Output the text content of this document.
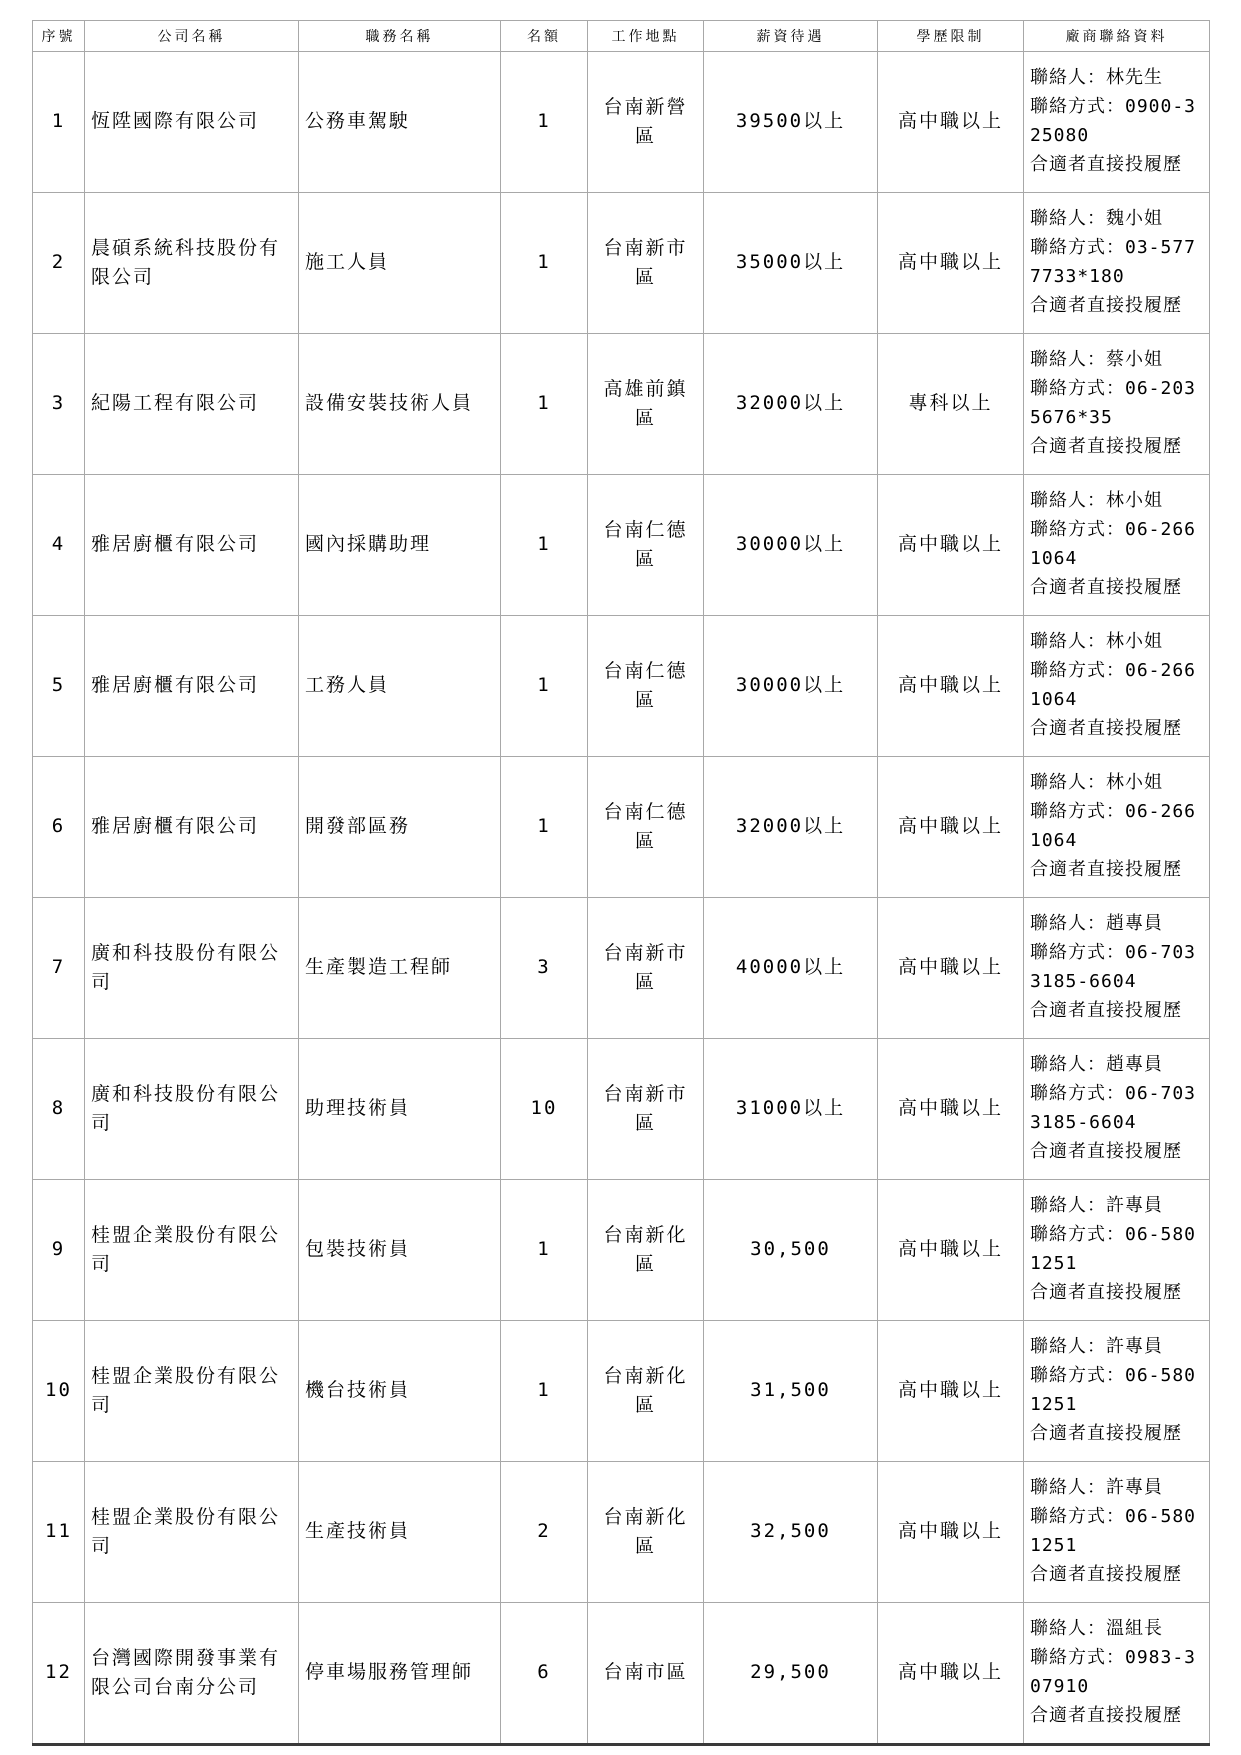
序號	公司名稱	職務名稱	名額	工作地點	薪資待遇	學歷限制	廠商聯絡資料
1	恆陞國際有限公司	公務車駕駛	1	台南新營區	39500以上	高中職以上	聯絡人：林先生
聯絡方式：0900-325080
合適者直接投履歷

2	晨碩系統科技股份有限公司	施工人員	1	台南新市區	35000以上	高中職以上	聯絡人：魏小姐
聯絡方式：03-5777733*180
合適者直接投履歷

3	紀陽工程有限公司	設備安裝技術人員	1	高雄前鎮區	32000以上	專科以上	聯絡人：蔡小姐
聯絡方式：06-2035676*35
合適者直接投履歷

4	雅居廚櫃有限公司	國內採購助理	1	台南仁德區	30000以上	高中職以上	聯絡人：林小姐
聯絡方式：06-2661064
合適者直接投履歷

5	雅居廚櫃有限公司	工務人員	1	台南仁德區	30000以上	高中職以上	聯絡人：林小姐
聯絡方式：06-2661064
合適者直接投履歷

6	雅居廚櫃有限公司	開發部區務	1	台南仁德區	32000以上	高中職以上	聯絡人：林小姐
聯絡方式：06-2661064
合適者直接投履歷

7	廣和科技股份有限公司	生產製造工程師	3	台南新市區	40000以上	高中職以上	聯絡人：趙專員
聯絡方式：06-7033185-6604
合適者直接投履歷

8	廣和科技股份有限公司	助理技術員	10	台南新市區	31000以上	高中職以上	聯絡人：趙專員
聯絡方式：06-7033185-6604
合適者直接投履歷

9	桂盟企業股份有限公司	包裝技術員	1	台南新化區	30,500	高中職以上	聯絡人：許專員
聯絡方式：06-5801251
合適者直接投履歷

10	桂盟企業股份有限公司	機台技術員	1	台南新化區	31,500	高中職以上	聯絡人：許專員
聯絡方式：06-5801251
合適者直接投履歷

11	桂盟企業股份有限公司	生產技術員	2	台南新化區	32,500	高中職以上	聯絡人：許專員
聯絡方式：06-5801251
合適者直接投履歷

12	台灣國際開發事業有限公司台南分公司	停車場服務管理師	6	台南市區	29,500	高中職以上	聯絡人：溫組長
聯絡方式：0983-307910
合適者直接投履歷
